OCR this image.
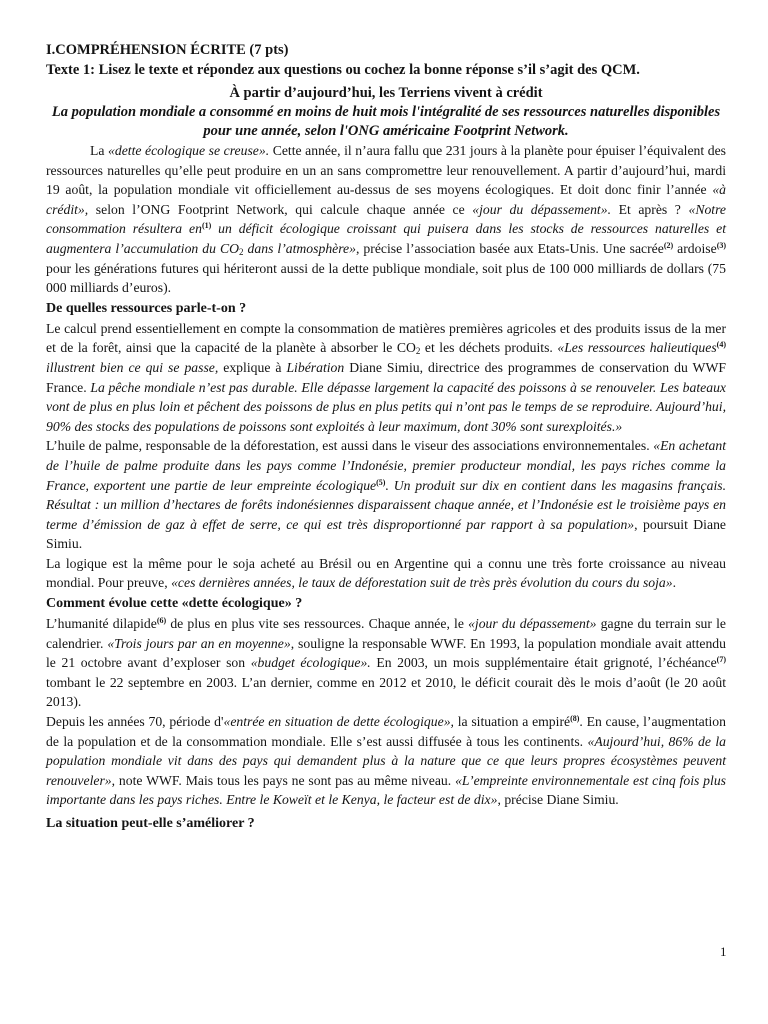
I.COMPRÉHENSION ÉCRITE (7 pts)

Texte 1: Lisez le texte et répondez aux questions ou cochez la bonne réponse s’il s’agit des QCM.

À partir d’aujourd’hui, les Terriens vivent à crédit

La population mondiale a consommé en moins de huit mois l'intégralité de ses ressources naturelles disponibles pour une année, selon l'ONG américaine Footprint Network.

La «dette écologique se creuse». Cette année, il n’aura fallu que 231 jours à la planète pour épuiser l’équivalent des ressources naturelles qu’elle peut produire en un an sans compromettre leur renouvellement. A partir d’aujourd’hui, mardi 19 août, la population mondiale vit officiellement au-dessus de ses moyens écologiques. Et doit donc finir l’année «à crédit», selon l’ONG Footprint Network, qui calcule chaque année ce «jour du dépassement». Et après ? «Notre consommation résultera $en^{(1)}$ un déficit écologique croissant qui puisera dans les stocks de ressources naturelles et augmentera l’accumulation du $CO_2$ dans l’atmosphère», précise l’association basée aux Etats-Unis. Une sacrée$^{(2)}$ ardoise$^{(3)}$ pour les générations futures qui hériteront aussi de la dette publique mondiale, soit plus de 100 000 milliards de dollars (75 000 milliards d’euros).

De quelles ressources parle-t-on ?

Le calcul prend essentiellement en compte la consommation de matières premières agricoles et des produits issus de la mer et de la forêt, ainsi que la capacité de la planète à absorber le $CO_2$ et les déchets produits. «Les ressources halieutiques$^{(4)}$ illustrent bien ce qui se passe, explique à Libération Diane Simiu, directrice des programmes de conservation du WWF France. La pêche mondiale n’est pas durable. Elle dépasse largement la capacité des poissons à se renouveler. Les bateaux vont de plus en plus loin et pêchent des poissons de plus en plus petits qui n’ont pas le temps de se reproduire. Aujourd’hui, 90% des stocks des populations de poissons sont exploités à leur maximum, dont 30% sont surexploités.»

L’huile de palme, responsable de la déforestation, est aussi dans le viseur des associations environnementales. «En achetant de l’huile de palme produite dans les pays comme l’Indonésie, premier producteur mondial, les pays riches comme la France, exportent une partie de leur empreinte écologique$^{(5)}$. Un produit sur dix en contient dans les magasins français. Résultat : un million d’hectares de forêts indonésiennes disparaissent chaque année, et l’Indonésie est le troisième pays en terme d’émission de gaz à effet de serre, ce qui est très disproportionné par rapport à sa population», poursuit Diane Simiu.

La logique est la même pour le soja acheté au Brésil ou en Argentine qui a connu une très forte croissance au niveau mondial. Pour preuve, «ces dernières années, le taux de déforestation suit de très près évolution du cours du soja».

Comment évolue cette «dette écologique» ?

L’humanité dilapide$^{(6)}$ de plus en plus vite ses ressources. Chaque année, le «jour du dépassement» gagne du terrain sur le calendrier. «Trois jours par an en moyenne», souligne la responsable WWF. En 1993, la population mondiale avait attendu le 21 octobre avant d’exploser son «budget écologique». En 2003, un mois supplémentaire était grignoté, l’échéance$^{(7)}$ tombant le 22 septembre en 2003. L’an dernier, comme en 2012 et 2010, le déficit courait dès le mois d’août (le 20 août 2013).

Depuis les années 70, période d'«entrée en situation de dette écologique», la situation a empiré$^{(8)}$. En cause, l’augmentation de la population et de la consommation mondiale. Elle s’est aussi diffusée à tous les continents. «Aujourd’hui, 86% de la population mondiale vit dans des pays qui demandent plus à la nature que ce que leurs propres écosystèmes peuvent renouveler», note WWF. Mais tous les pays ne sont pas au même niveau. «L’empreinte environnementale est cinq fois plus importante dans les pays riches. Entre le Koweït et le Kenya, le facteur est de dix», précise Diane Simiu.

La situation peut-elle s’améliorer ?

1
